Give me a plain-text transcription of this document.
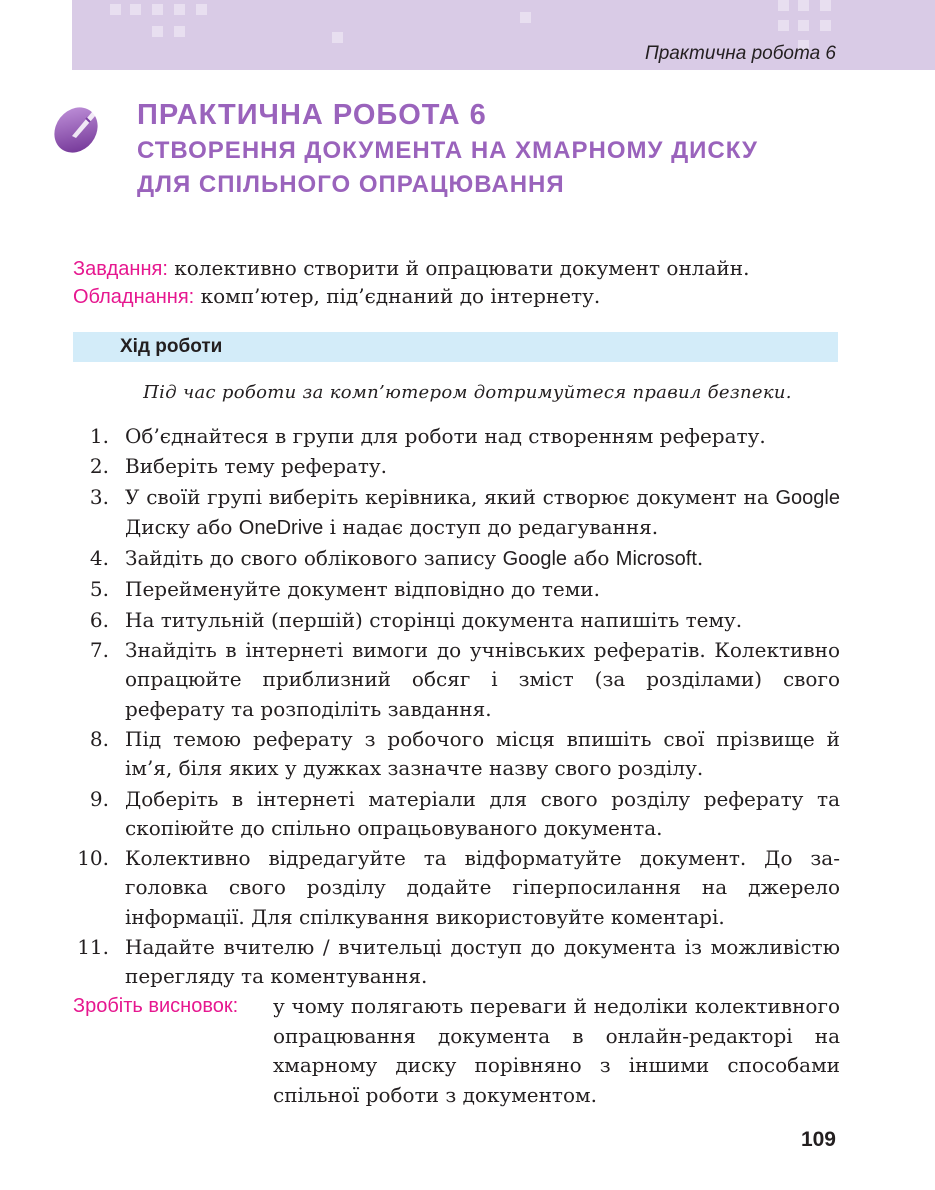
Практична робота 6
ПРАКТИЧНА РОБОТА 6
СТВОРЕННЯ ДОКУМЕНТА НА ХМАРНОМУ ДИСКУ
ДЛЯ СПІЛЬНОГО ОПРАЦЮВАННЯ
Завдання: колективно створити й опрацювати документ онлайн.
Обладнання: комп’ютер, під’єднаний до інтернету.
Хід роботи
Під час роботи за комп’ютером дотримуйтеся правил безпеки.
1. Об’єднайтеся в групи для роботи над створенням реферату.
2. Виберіть тему реферату.
3. У своїй групі виберіть керівника, який створює документ на Google Диску або OneDrive і надає доступ до редагування.
4. Зайдіть до свого облікового запису Google або Microsoft.
5. Перейменуйте документ відповідно до теми.
6. На титульній (першій) сторінці документа напишіть тему.
7. Знайдіть в інтернеті вимоги до учнівських рефератів. Колективно опрацюйте приблизний обсяг і зміст (за розділами) свого реферату та розподіліть завдання.
8. Під темою реферату з робочого місця впишіть свої прізвище й ім’я, біля яких у дужках зазначте назву свого розділу.
9. Доберіть в інтернеті матеріали для свого розділу реферату та скопіюйте до спільно опрацьовуваного документа.
10. Колективно відредагуйте та відформатуйте документ. До заголовка свого розділу додайте гіперпосилання на джерело інформації. Для спілкування використовуйте коментарі.
11. Надайте вчителю / вчительці доступ до документа із можливістю перегляду та коментування.
Зробіть висновок: у чому полягають переваги й недоліки колективного опрацювання документа в онлайн-редакторі на хмарному диску порівняно з іншими способами спільної роботи з документом.
109
